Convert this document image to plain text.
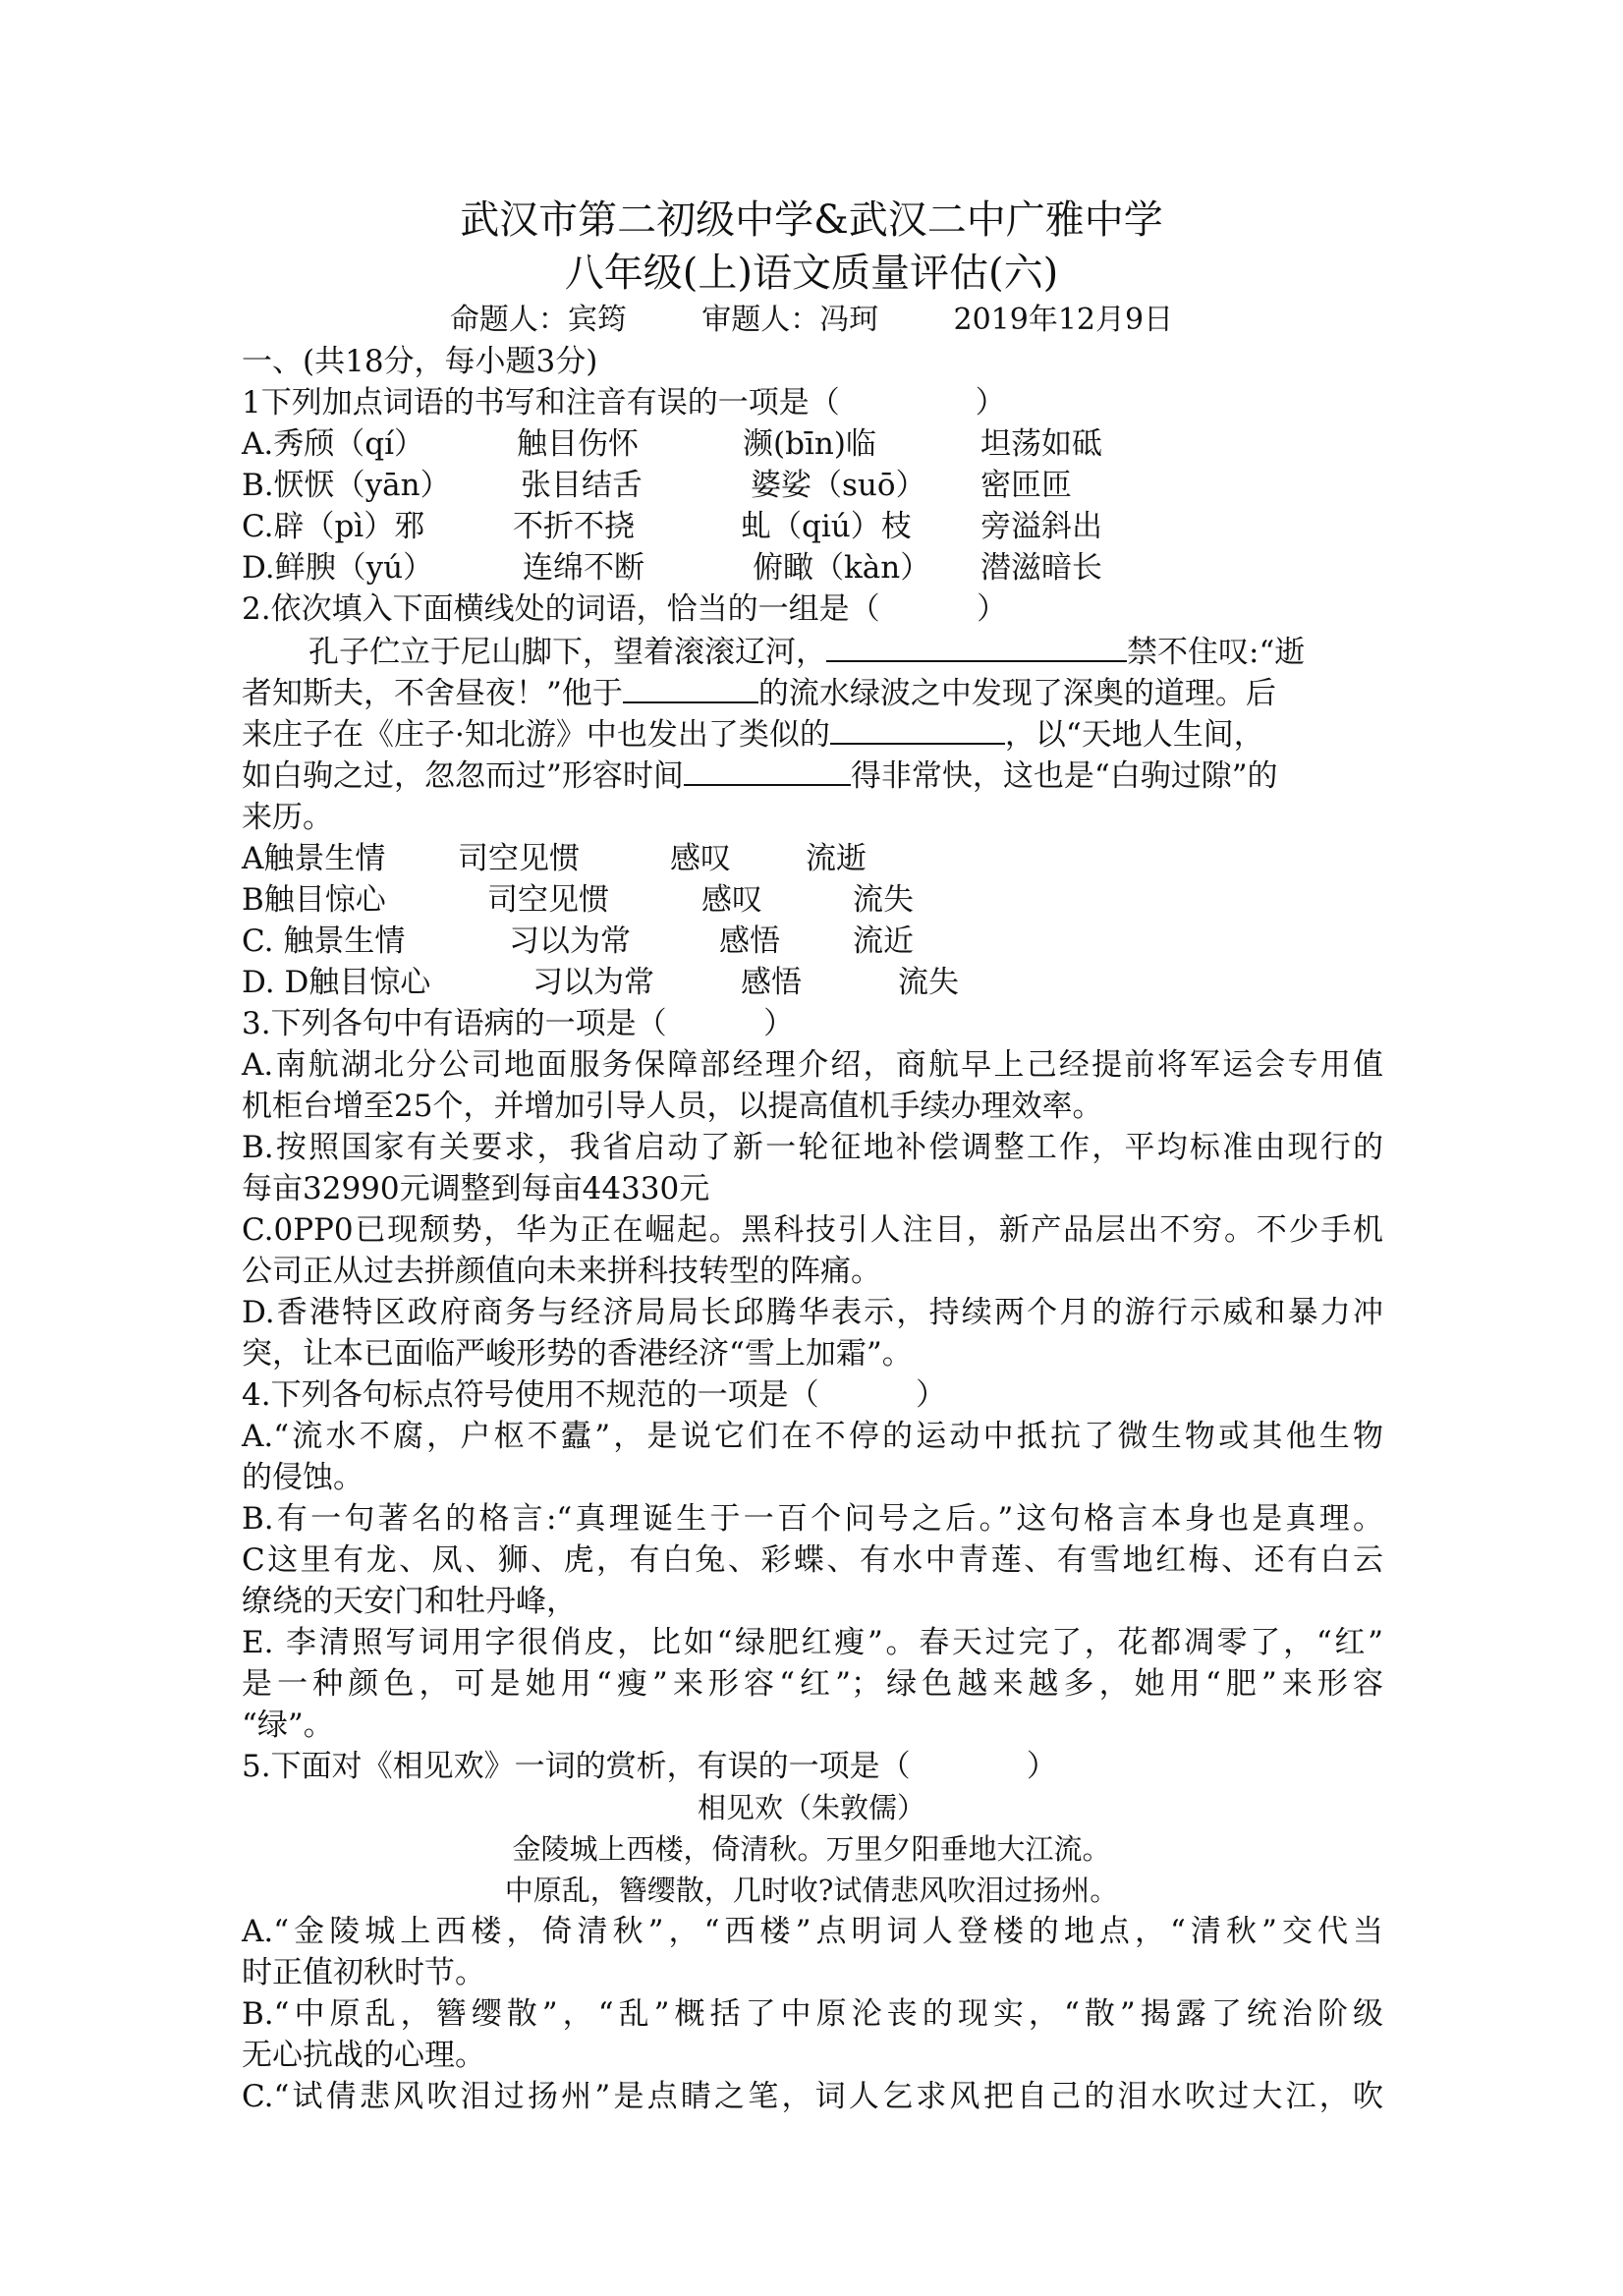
武汉市第二初级中学&武汉二中广雅中学
八年级(上)语文质量评估(六)
命题人：宾筠        审题人：冯珂        2019年12月9日
一、(共18分，每小题3分)
1下列加点词语的书写和注音有误的一项是（              ）
A.秀颀（qí）	触目伤怀	濒(bīn)临	坦荡如砥
B.恹恹（yān） 张目结舌	婆娑（suō） 密匝匝
C.辟（pì）邪	不折不挠	虬（qiú）枝 旁溢斜出
D.鲜腴（yú）	连绵不断	俯瞰（kàn） 潜滋暗长
2.依次填入下面横线处的词语，恰当的一组是（          ）
孔子伫立于尼山脚下，望着滚滚辽河，	禁不住叹:“逝
者知斯夫，不舍昼夜！”他于	的流水绿波之中发现了深奥的道理。后
来庄子在《庄子·知北游》中也发出了类似的	，以“天地人生间，
如白驹之过，忽忽而过”形容时间	得非常快，这也是“白驹过隙”的
来历。
A触景生情 司空见惯	感叹 流逝
B触目惊心	司空见惯	感叹	流失
C. 触景生情	习以为常	感悟 流近
D. D触目惊心	习以为常	感悟	流失
3.下列各句中有语病的一项是（          ）
A.南航湖北分公司地面服务保障部经理介绍，商航早上己经提前将军运会专用值
机柜台增至25个，并增加引导人员，以提高值机手续办理效率。
B.按照国家有关要求，我省启动了新一轮征地补偿调整工作，平均标准由现行的
每亩32990元调整到每亩44330元
C.0PP0已现颓势，华为正在崛起。黑科技引人注目，新产品层出不穷。不少手机
公司正从过去拼颜值向未来拼科技转型的阵痛。
D.香港特区政府商务与经济局局长邱腾华表示，持续两个月的游行示威和暴力冲
突，让本已面临严峻形势的香港经济“雪上加霜”。
4.下列各句标点符号使用不规范的一项是（          ）
A.“流水不腐，户枢不蠹”，是说它们在不停的运动中抵抗了微生物或其他生物
的侵蚀。
B.有一句著名的格言:“真理诞生于一百个问号之后。”这句格言本身也是真理。
C这里有龙、凤、狮、虎，有白兔、彩蝶、有水中青莲、有雪地红梅、还有白云
缭绕的天安门和牡丹峰，
E. 李清照写词用字很俏皮，比如“绿肥红瘦”。春天过完了，花都凋零了，“红”
是一种颜色，可是她用“瘦”来形容“红”；绿色越来越多，她用“肥”来形容
“绿”。
5.下面对《相见欢》一词的赏析，有误的一项是（            ）
相见欢（朱敦儒）
金陵城上西楼，倚清秋。万里夕阳垂地大江流。
中原乱，簪缨散，几时收?试倩悲风吹泪过扬州。
A.“金陵城上西楼，倚清秋”，“西楼”点明词人登楼的地点，“清秋”交代当
时正值初秋时节。
B.“中原乱，簪缨散”，“乱”概括了中原沦丧的现实，“散”揭露了统治阶级
无心抗战的心理。
C.“试倩悲风吹泪过扬州”是点睛之笔，词人乞求风把自己的泪水吹过大江，吹
